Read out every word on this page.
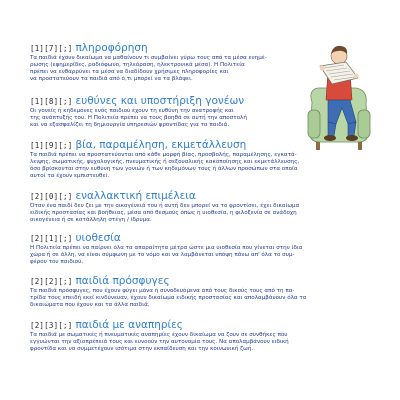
[1][7][;] πληροφόρηση
Τα παιδιά έχουν δικαίωμα να μαθαίνουν τι συμβαίνει γύρω τους από τα μέσα ενημέ-
ρωσης (εφημερίδες, ραδιόφωνο, τηλεόραση, ηλεκτρονικά μέσα). Η Πολιτεία
πρέπει να ενθαρρύνει τα μέσα να διαδίδουν χρήσιμες πληροφορίες και
να προστατεύουν τα παιδιά από ό,τι μπορεί να τα βλάψει.
[1][8][;] ευθύνες και υποστήριξη γονέων
Οι γονείς ή κηδεμόνες ενός παιδιού έχουν τη ευθύνη την ανατροφής και
της ανάπτυξής του. Η Πολιτεία πρέπει να τους βοηθά σε αυτή την αποστολή
και να εξασφαλίζει τη δημιουργία υπηρεσιών φροντίδας για τα παιδιά.
[1][9][;] βία, παραμέληση, εκμετάλλευση
Τα παιδιά πρέπει να προστατεύονται από κάθε μορφή βίας, προσβολής, παραμέλησης, εγκατά-
λειψης, σωματικής, ψυχολογικής, πνευματικής ή σεξουαλικής κακοποίησης και εκμετάλλευσης,
όσο βρίσκονται στην ευθύνη των γονιών ή των κηδεμόνων τους ή άλλων προσώπων στα οποία
αυτοί τα έχουν εμπιστευθεί.
[2][0][;] εναλλακτική επιμέλεια
Όταν ένα παιδί δεν ζει με την οικογένειά του ή αυτή δεν μπορεί να το φροντίσει, έχει δικαίωμα
ειδικής προστασίας και βοήθειας, μέσα από θεσμούς όπως η υιοθεσία, η φιλοξενία σε ανάδοχη
οικογένεια ή σε κατάλληλη στέγη / ίδρυμα.
[2][1][;] υιοθεσία
Η Πολιτεία πρέπει να παίρνει όλα τα απαραίτητα μέτρα ώστε μια υιοθεσία που γίνεται στην ίδια
χώρα ή σε άλλη, να είναι σύμφωνη με το νόμο και να λαμβάνεται υπόψη πάνω απ' όλα το συμ-
φέρον του παιδιού.
[2][2][;] παιδιά πρόσφυγες
Τα παιδιά πρόσφυγες, που έχουν φύγει μόνα ή συνοδευόμενα από τους δικούς τους από τη πα-
τρίδα τους επειδή εκεί κινδύνευαν, έχουν δικαίωμα ειδικής προστασίας και απολαμβάνουν όλα τα
δικαιώματα που έχουν και τα άλλα παιδιά.
[2][3][;] παιδιά με αναπηρίες
Τα παιδιά με σωματικές ή πνευματικές αναπηρίες έχουν δικαίωμα να ζουν σε συνθήκες που
εγγυώνται την αξιοπρέπειά τους και ευνοούν την αυτονομία τους. Να απολαμβάνουν ειδική
φροντίδα και να συμμετέχουν ισότιμα στην εκπαίδευση και την κοινωνική ζωή.
